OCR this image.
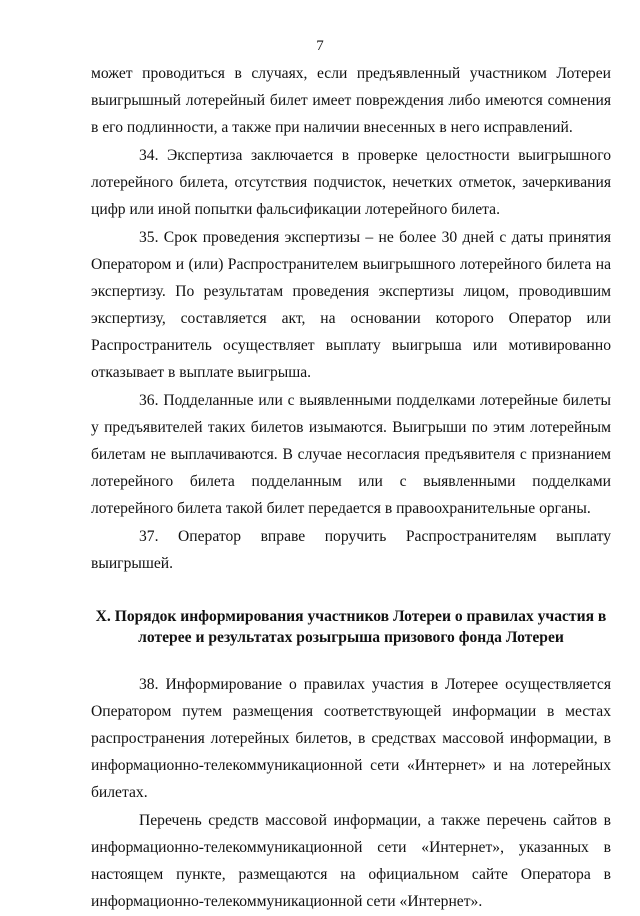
7

может проводиться в случаях, если предъявленный участником Лотереи выигрышный лотерейный билет имеет повреждения либо имеются сомнения в его подлинности, а также при наличии внесенных в него исправлений.

34. Экспертиза заключается в проверке целостности выигрышного лотерейного билета, отсутствия подчисток, нечетких отметок, зачеркивания цифр или иной попытки фальсификации лотерейного билета.

35. Срок проведения экспертизы – не более 30 дней с даты принятия Оператором и (или) Распространителем выигрышного лотерейного билета на экспертизу. По результатам проведения экспертизы лицом, проводившим экспертизу, составляется акт, на основании которого Оператор или Распространитель осуществляет выплату выигрыша или мотивированно отказывает в выплате выигрыша.

36. Подделанные или с выявленными подделками лотерейные билеты у предъявителей таких билетов изымаются. Выигрыши по этим лотерейным билетам не выплачиваются. В случае несогласия предъявителя с признанием лотерейного билета подделанным или с выявленными подделками лотерейного билета такой билет передается в правоохранительные органы.

37. Оператор вправе поручить Распространителям выплату выигрышей.

X. Порядок информирования участников Лотереи о правилах участия в
лотерее и результатах розыгрыша призового фонда Лотереи

38. Информирование о правилах участия в Лотерее осуществляется Оператором путем размещения соответствующей информации в местах распространения лотерейных билетов, в средствах массовой информации, в информационно-телекоммуникационной сети «Интернет» и на лотерейных билетах.

Перечень средств массовой информации, а также перечень сайтов в информационно-телекоммуникационной сети «Интернет», указанных в настоящем пункте, размещаются на официальном сайте Оператора в информационно-телекоммуникационной сети «Интернет».
